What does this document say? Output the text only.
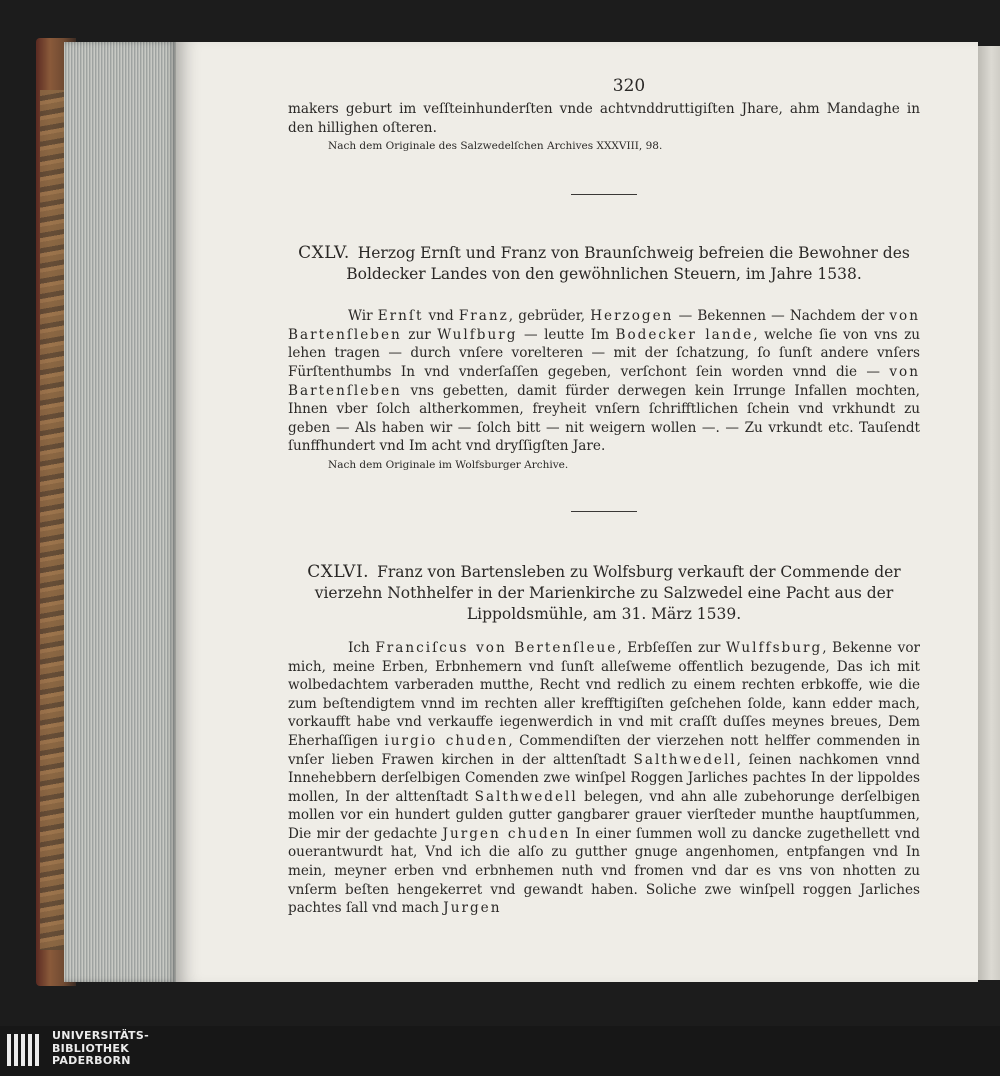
320

makers geburt im veſſteinhunderſten vnde achtvnddruttigiſten Jhare, ahm Mandaghe in den hillighen oſteren.

Nach dem Originale des Salzwedelſchen Archives XXXVIII, 98.

CXLV. Herzog Ernſt und Franz von Braunſchweig befreien die Bewohner des Boldecker Landes von den gewöhnlichen Steuern, im Jahre 1538.

Wir Ernſt vnd Franz, gebrüder, Herzogen — Bekennen — Nachdem der von Bartenſleben zur Wulfburg — leutte Im Bodecker lande, welche ſie von vns zu lehen tragen — durch vnſere vorelteren — mit der ſchatzung, ſo ſunſt andere vnſers Fürſtenthumbs In vnd vnderſaſſen gegeben, verſchont ſein worden vnnd die — von Bartenſleben vns gebetten, damit fürder derwegen kein Irrunge Infallen mochten, Ihnen vber ſolch altherkommen, freyheit vnſern ſchrifftlichen ſchein vnd vrkhundt zu geben — Als haben wir — ſolch bitt — nit weigern wollen —. — Zu vrkundt etc. Tauſendt ſunffhundert vnd Im acht vnd dryſſigſten Jare.

Nach dem Originale im Wolfsburger Archive.

CXLVI. Franz von Bartensleben zu Wolfsburg verkauft der Commende der vierzehn Nothhelfer in der Marienkirche zu Salzwedel eine Pacht aus der Lippoldsmühle, am 31. März 1539.

Ich Franciſcus von Bertenſleue, Erbſeſſen zur Wulffsburg, Bekenne vor mich, meine Erben, Erbnhemern vnd ſunſt alleſweme offentlich bezugende, Das ich mit wolbedachtem varberaden mutthe, Recht vnd redlich zu einem rechten erbkoffe, wie die zum beſtendigtem vnnd im rechten aller krefftigiſten geſchehen ſolde, kann edder mach, vorkaufft habe vnd verkauffe iegenwerdich in vnd mit craſſt duſſes meynes breues, Dem Eherhaſſigen iurgio chuden, Commendiſten der vierzehen nott helffer commenden in vnſer lieben Frawen kirchen in der alttenſtadt Salthwedell, ſeinen nachkomen vnnd Innehebbern derſelbigen Comenden zwe winſpel Roggen Jarliches pachtes In der lippoldes mollen, In der alttenſtadt Salthwedell belegen, vnd ahn alle zubehorunge derſelbigen mollen vor ein hundert gulden gutter gangbarer grauer vierſteder munthe hauptſummen, Die mir der gedachte Jurgen chuden In einer ſummen woll zu dancke zugethellett vnd ouerantwurdt hat, Vnd ich die alſo zu gutther gnuge angenhomen, entpfangen vnd In mein, meyner erben vnd erbnhemen nuth vnd fromen vnd dar es vns von nhotten zu vnſerm beſten hengekerret vnd gewandt haben. Soliche zwe winſpell roggen Jarliches pachtes ſall vnd mach Jurgen

UNIVERSITÄTS-
BIBLIOTHEK
PADERBORN
